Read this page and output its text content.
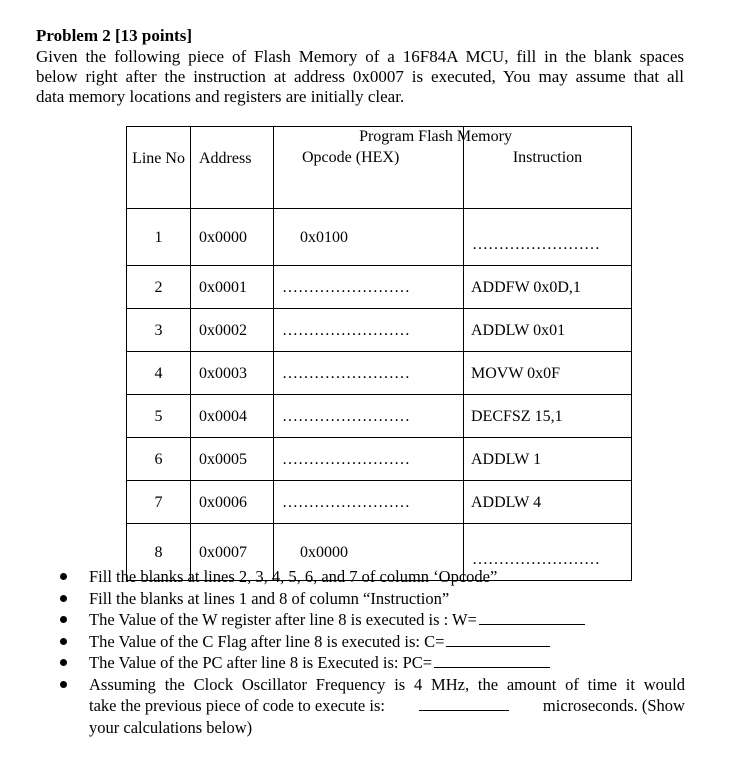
Problem 2 [13 points]
Given the following piece of Flash Memory of a 16F84A MCU, fill in the blank spaces
below right after the instruction at address 0x0007 is executed, You may assume that all
data memory locations and registers are initially clear.
Line No	Address	Program Flash Memory
Opcode (HEX)	Instruction
1	0x0000	0x0100	……………………
2	0x0001	……………………	ADDFW 0x0D,1
3	0x0002	……………………	ADDLW 0x01
4	0x0003	……………………	MOVW 0x0F
5	0x0004	……………………	DECFSZ 15,1
6	0x0005	……………………	ADDLW 1
7	0x0006	……………………	ADDLW 4
8	0x0007	0x0000	……………………
Fill the blanks at lines 2, 3, 4, 5, 6, and 7 of column ‘Opcode”
Fill the blanks at lines 1 and 8 of column “Instruction”
The Value of the W register after line 8 is executed is : W=
The Value of the C Flag after line 8 is executed is: C=
The Value of the PC after line 8 is Executed is: PC=
Assuming the Clock Oscillator Frequency is 4 MHz, the amount of time it would
take the previous piece of code to execute is:	microseconds. (Show
your calculations below)
